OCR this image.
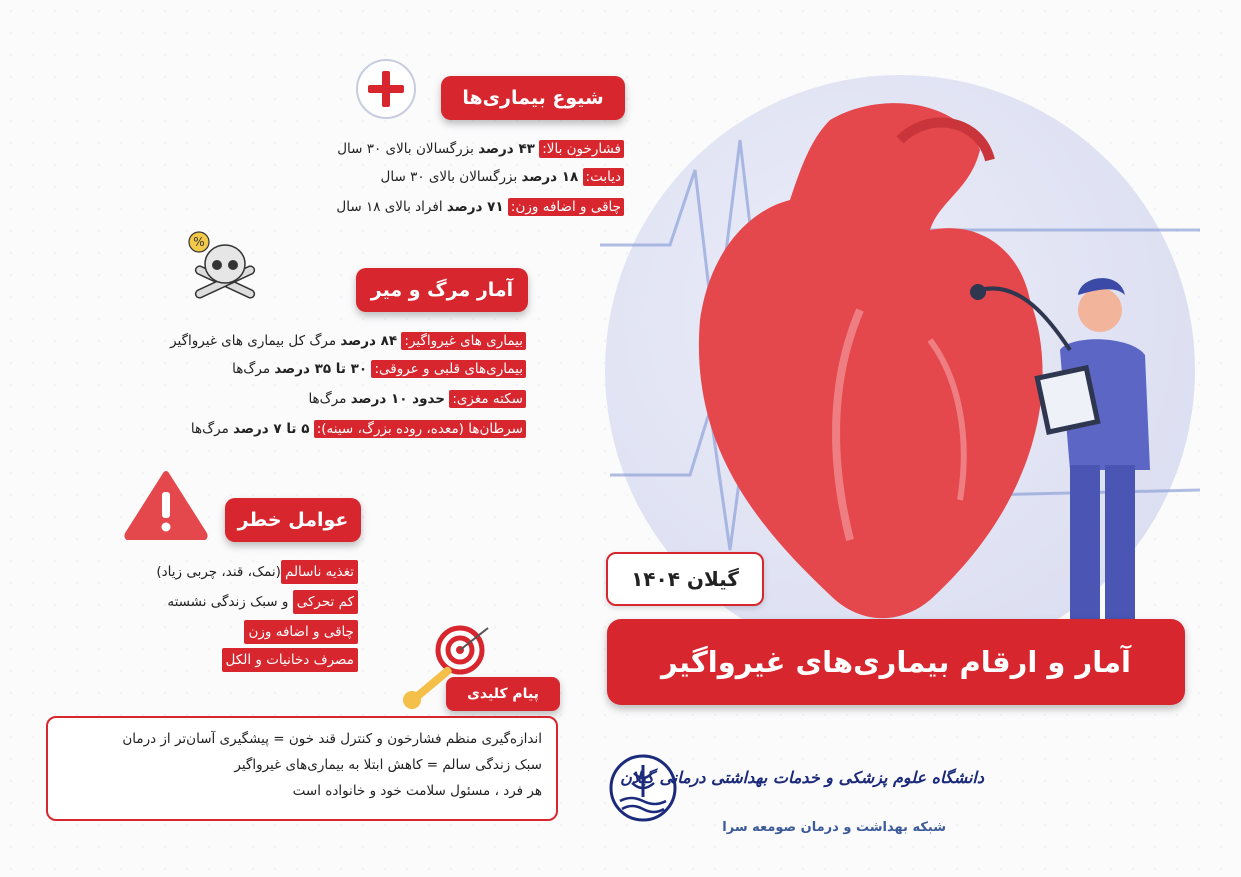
شیوع بیماری‌ها
فشارخون بالا: ۴۳ درصد بزرگسالان بالای ۳۰ سال
دیابت: ۱۸ درصد بزرگسالان بالای ۳۰ سال
چاقی و اضافه وزن: ۷۱ درصد افراد بالای ۱۸ سال
%
آمار مرگ و میر
بیماری های غیرواگیر: ۸۴ درصد مرگ کل بیماری های غیرواگیر
بیماری‌های قلبی و عروقی: ۳۰ تا ۳۵ درصد مرگ‌ها
سکته مغزی: حدود ۱۰ درصد مرگ‌ها
سرطان‌ها (معده، روده بزرگ، سینه): ۵ تا ۷ درصد مرگ‌ها
عوامل خطر
تغذیه ناسالم(نمک، قند، چربی زیاد)
کم تحرکی و سبک زندگی نشسته
چاقی و اضافه وزن
مصرف دخانیات و الکل
پیام کلیدی
اندازه‌گیری منظم فشارخون و کنترل قند خون = پیشگیری آسان‌تر از درمان
سبک زندگی سالم = کاهش ابتلا به بیماری‌های غیرواگیر
هر فرد ، مسئول سلامت خود و خانواده است
گیلان ۱۴۰۴
آمار و ارقام بیماری‌های غیرواگیر
دانشگاه علوم پزشکی و خدمات بهداشتی درمانی گیلان
شبکه بهداشت و درمان صومعه سرا
